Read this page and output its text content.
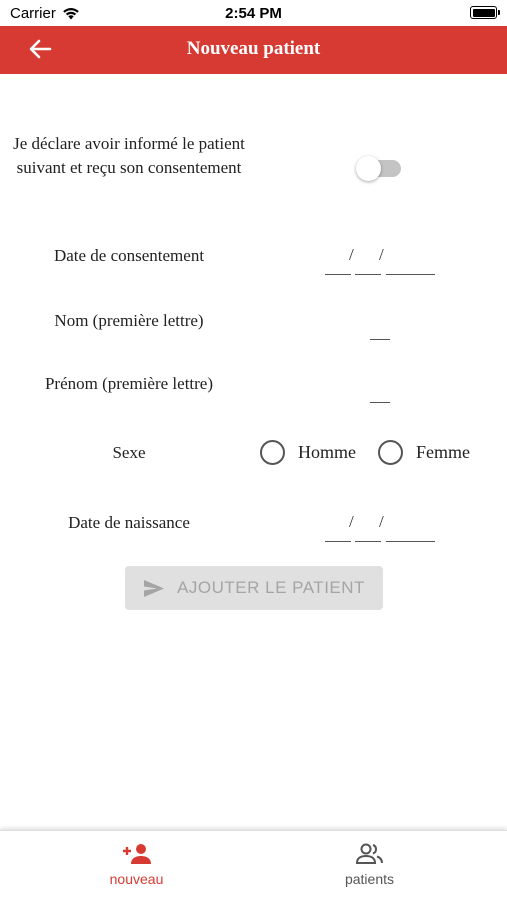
Carrier	2:54 PM
Nouveau patient
Je déclare avoir informé le patient suivant et reçu son consentement
Date de consentement	/ /
Nom (première lettre)
Prénom (première lettre)
Sexe	Homme	Femme
Date de naissance	/ /
AJOUTER LE PATIENT
nouveau	patients
